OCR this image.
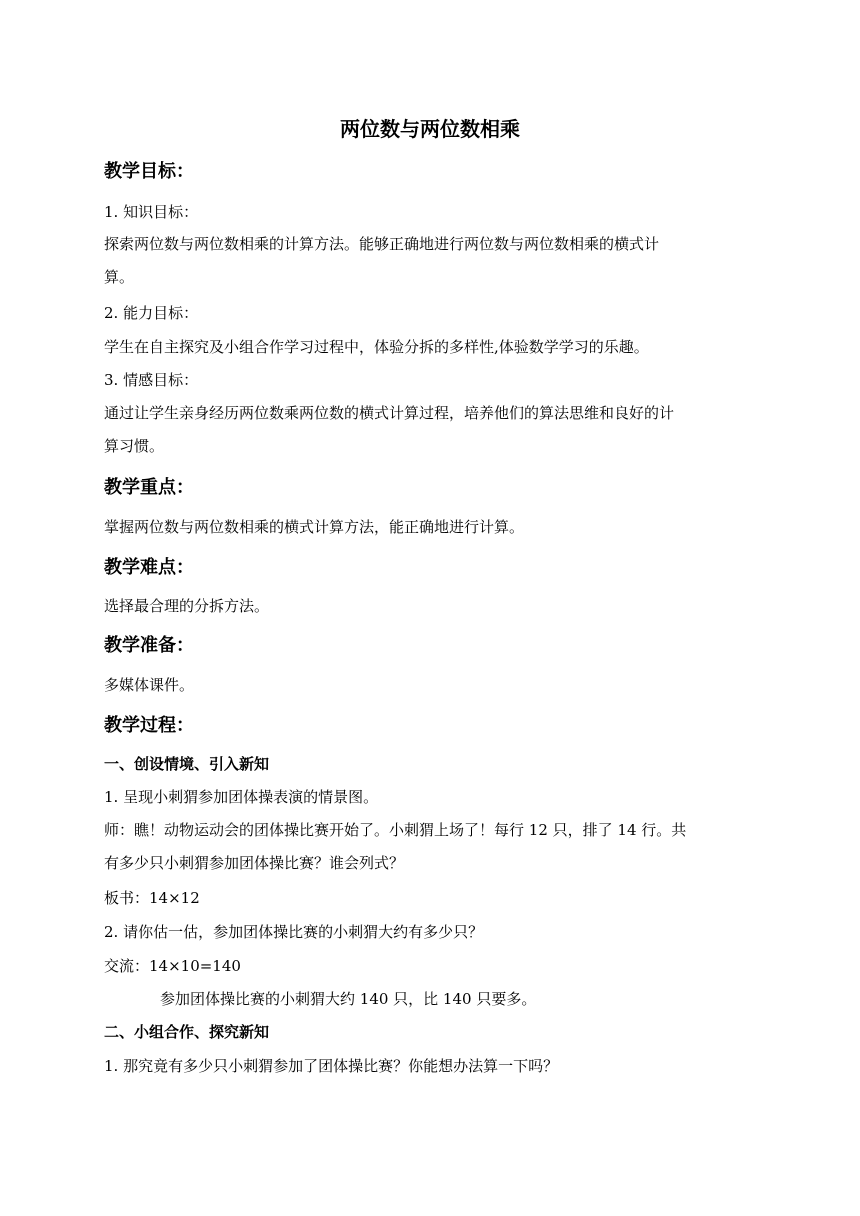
两位数与两位数相乘
教学目标：
1. 知识目标：
探索两位数与两位数相乘的计算方法。能够正确地进行两位数与两位数相乘的横式计
算。
2. 能力目标：
学生在自主探究及小组合作学习过程中，体验分拆的多样性,体验数学学习的乐趣。
3. 情感目标：
通过让学生亲身经历两位数乘两位数的横式计算过程，培养他们的算法思维和良好的计
算习惯。
教学重点：
掌握两位数与两位数相乘的横式计算方法，能正确地进行计算。
教学难点：
选择最合理的分拆方法。
教学准备：
多媒体课件。
教学过程：
一、创设情境、引入新知
1. 呈现小刺猬参加团体操表演的情景图。
师：瞧！动物运动会的团体操比赛开始了。小刺猬上场了！每行 12 只，排了 14 行。共
有多少只小刺猬参加团体操比赛？谁会列式？
板书：14×12
2. 请你估一估，参加团体操比赛的小刺猬大约有多少只？
交流：14×10=140
参加团体操比赛的小刺猬大约 140 只，比 140 只要多。
二、小组合作、探究新知
1. 那究竟有多少只小刺猬参加了团体操比赛？你能想办法算一下吗？
